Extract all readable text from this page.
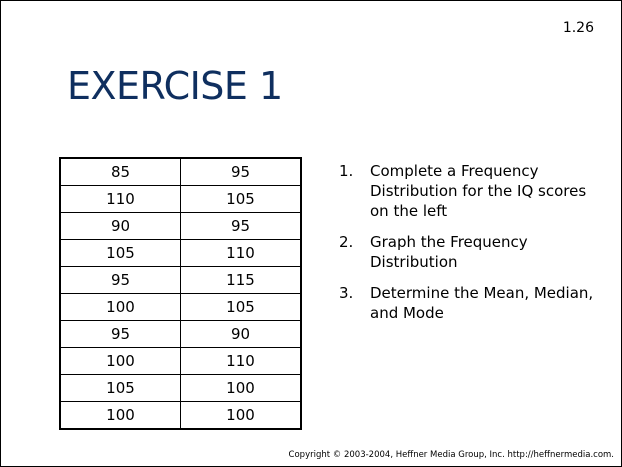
1.26
EXERCISE 1
85	95
110	105
90	95
105	110
95	115
100	105
95	90
100	110
105	100
100	100
1.	Complete a Frequency Distribution for the IQ scores on the left
2.	Graph the Frequency Distribution
3.	Determine the Mean, Median, and Mode
Copyright © 2003-2004, Heffner Media Group, Inc. http://heffnermedia.com.
